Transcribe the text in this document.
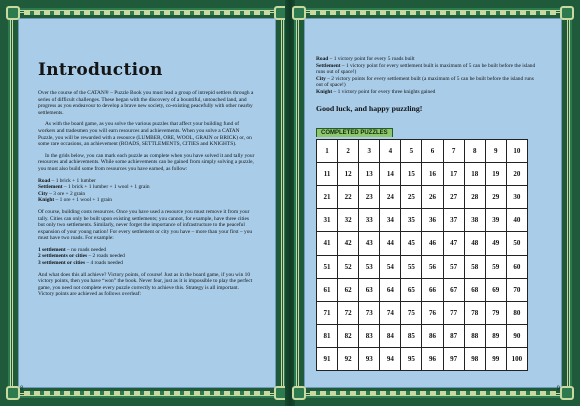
Introduction

Over the course of the CATAN® – Puzzle Book you must lead a group of intrepid settlers through a series of difficult challenges. These began with the discovery of a bountiful, untouched land, and progress as you endeavour to develop a brave new society, co-existing peacefully with other nearby settlements.

As with the board game, as you solve the various puzzles that affect your building fund of workers and tradesmen you will earn resources and achievements. When you solve a CATAN Puzzle, you will be rewarded with a resource (LUMBER, ORE, WOOL, GRAIN or BRICK) or, on some rare occasions, an achievement (ROADS, SETTLEMENTS, CITIES and KNIGHTS).

In the grids below, you can mark each puzzle as complete when you have solved it and tally your resources and achievements. While some achievements can be gained from simply solving a puzzle, you must also build some from resources you have earned, as follow:

Road – 1 brick + 1 lumber
Settlement – 1 brick + 1 lumber + 1 wool + 1 grain
City – 3 ore + 2 grain
Knight – 1 ore + 1 wool + 1 grain

Of course, building costs resources. Once you have used a resource you must remove it from your tally. Cities can only be built upon existing settlements; you cannot, for example, have three cities but only two settlements. Similarly, never forget the importance of infrastructure to the peaceful expansion of your young nation! For every settlement or city you have – more than your first – you must have two roads. For example:

1 settlement – no roads needed
2 settlements or cities – 2 roads needed
3 settlement or cities – 4 roads needed

And what does this all achieve? Victory points, of course! Just as in the board game, if you win 10 victory points, then you have “won” the book. Never fear, just as it is impossible to play the perfect game, you need not complete every puzzle correctly to achieve this. Strategy is all important. Victory points are achieved as follows overleaf:

8
Road – 1 victory point for every 5 roads built
Settlement – 1 victory point for every settlement built is maximum of 5 can be built before the island runs out of space!)
City – 2 victory points for every settlement built (a maximum of 5 can be built before the island runs out of space!)
Knight – 1 victory point for every three knights gained
Good luck, and happy puzzling!
COMPLETED PUZZLES
1	2	3	4	5	6	7	8	9	10
11	12	13	14	15	16	17	18	19	20
21	22	23	24	25	26	27	28	29	30
31	32	33	34	35	36	37	38	39	40
41	42	43	44	45	46	47	48	49	50
51	52	53	54	55	56	57	58	59	60
61	62	63	64	65	66	67	68	69	70
71	72	73	74	75	76	77	78	79	80
81	82	83	84	85	86	87	88	89	90
91	92	93	94	95	96	97	98	99	100
9
